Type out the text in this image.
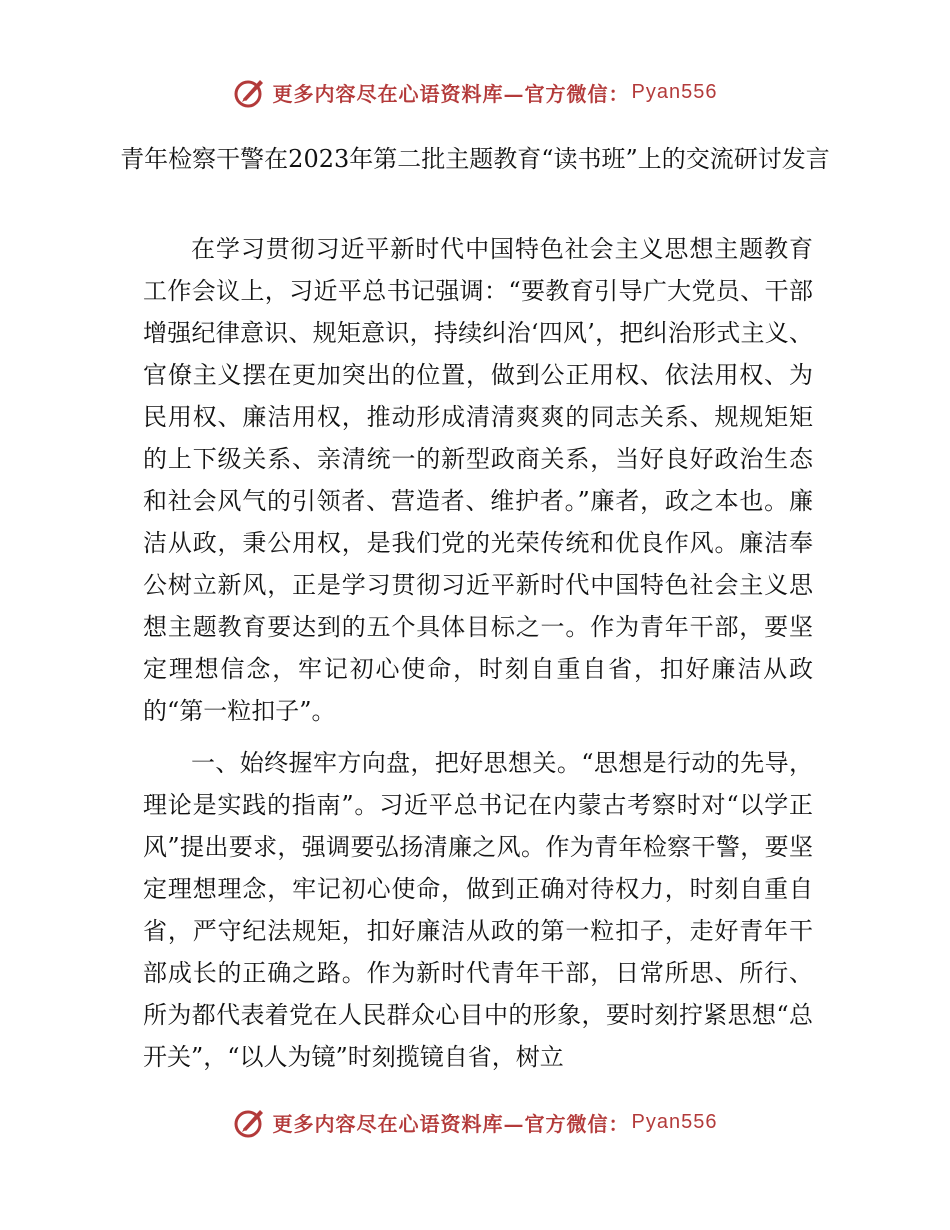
更多内容尽在心语资料库—官方微信： Pyan556
青年检察干警在2023年第二批主题教育“读书班”上的交流研讨发言

在学习贯彻习近平新时代中国特色社会主义思想主题教育工作会议上，习近平总书记强调：“要教育引导广大党员、干部增强纪律意识、规矩意识，持续纠治‘四风’，把纠治形式主义、官僚主义摆在更加突出的位置，做到公正用权、依法用权、为民用权、廉洁用权，推动形成清清爽爽的同志关系、规规矩矩的上下级关系、亲清统一的新型政商关系，当好良好政治生态和社会风气的引领者、营造者、维护者。”廉者，政之本也。廉洁从政，秉公用权，是我们党的光荣传统和优良作风。廉洁奉公树立新风，正是学习贯彻习近平新时代中国特色社会主义思想主题教育要达到的五个具体目标之一。作为青年干部，要坚定理想信念，牢记初心使命，时刻自重自省，扣好廉洁从政的“第一粒扣子”。

一、始终握牢方向盘，把好思想关。“思想是行动的先导，理论是实践的指南”。习近平总书记在内蒙古考察时对“以学正风”提出要求，强调要弘扬清廉之风。作为青年检察干警，要坚定理想理念，牢记初心使命，做到正确对待权力，时刻自重自省，严守纪法规矩，扣好廉洁从政的第一粒扣子，走好青年干部成长的正确之路。作为新时代青年干部，日常所思、所行、所为都代表着党在人民群众心目中的形象，要时刻拧紧思想“总开关”，“以人为镜”时刻揽镜自省，树立

更多内容尽在心语资料库—官方微信： Pyan556
